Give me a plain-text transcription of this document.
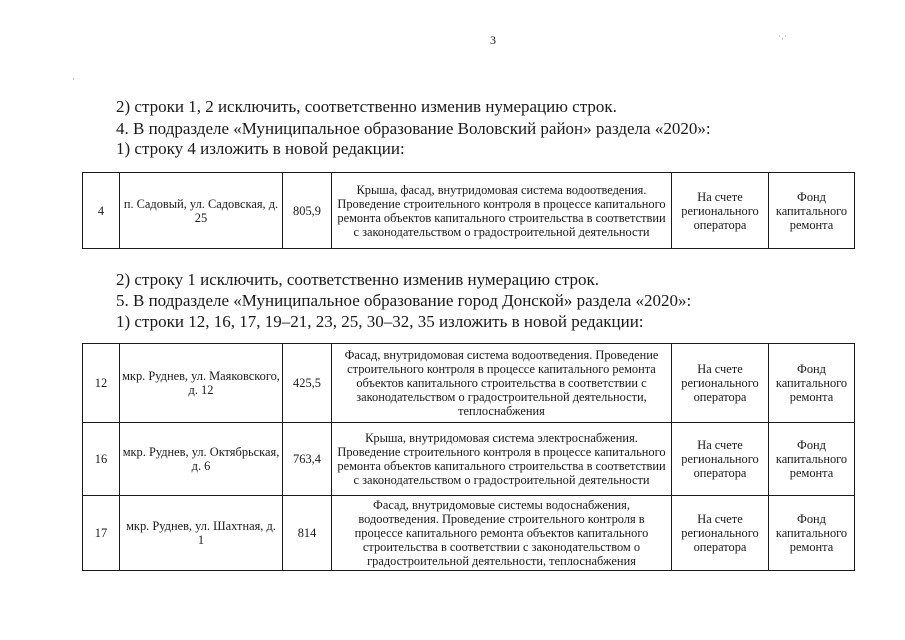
3	˙·˙
·
2) строки 1, 2 исключить, соответственно изменив нумерацию строк.
4. В подразделе «Муниципальное образование Воловский район» раздела «2020»:
1) строку 4 изложить в новой редакции:
4	п. Садовый, ул. Садовская, д. 25	805,9	Крыша, фасад, внутридомовая система водоотведения. Проведение строительного контроля в процессе капитального ремонта объектов капитального строительства в соответствии с законодательством о градостроительной деятельности	На счете регионального оператора	Фонд капитального ремонта
2) строку 1 исключить, соответственно изменив нумерацию строк.
5. В подразделе «Муниципальное образование город Донской» раздела «2020»:
1) строки 12, 16, 17, 19–21, 23, 25, 30–32, 35 изложить в новой редакции:
12	мкр. Руднев, ул. Маяковского, д. 12	425,5	Фасад, внутридомовая система водоотведения. Проведение строительного контроля в процессе капитального ремонта объектов капитального строительства в соответствии с законодательством о градостроительной деятельности, теплоснабжения	На счете регионального оператора	Фонд капитального ремонта
16	мкр. Руднев, ул. Октябрьская, д. 6	763,4	Крыша, внутридомовая система электроснабжения. Проведение строительного контроля в процессе капитального ремонта объектов капитального строительства в соответствии с законодательством о градостроительной деятельности	На счете регионального оператора	Фонд капитального ремонта
17	мкр. Руднев, ул. Шахтная, д. 1	814	Фасад, внутридомовые системы водоснабжения, водоотведения. Проведение строительного контроля в процессе капитального ремонта объектов капитального строительства в соответствии с законодательством о градостроительной деятельности, теплоснабжения	На счете регионального оператора	Фонд капитального ремонта
